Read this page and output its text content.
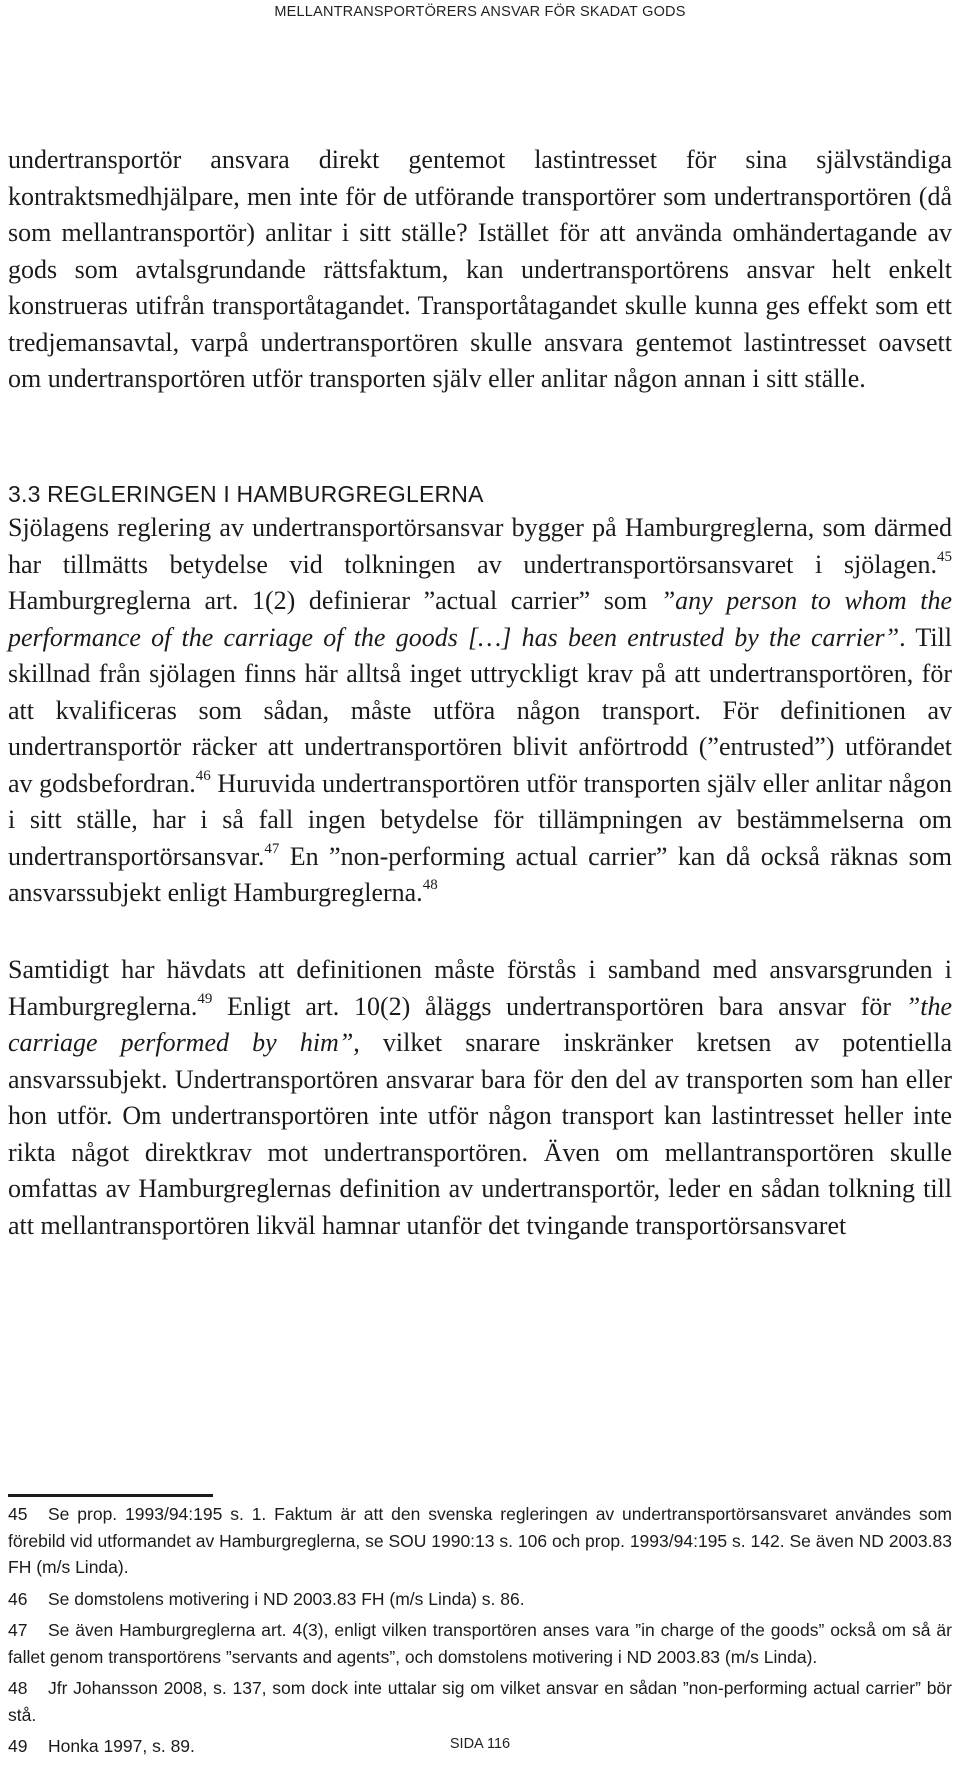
MELLANTRANSPORTÖRERS ANSVAR FÖR SKADAT GODS

undertransportör ansvara direkt gentemot lastintresset för sina självständiga kontraktsmedhjälpare, men inte för de utförande transportörer som undertransportören (då som mellantransportör) anlitar i sitt ställe? Istället för att använda omhändertagande av gods som avtalsgrundande rättsfaktum, kan undertransportörens ansvar helt enkelt konstrueras utifrån transportåtagandet. Transportåtagandet skulle kunna ges effekt som ett tredjemansavtal, varpå undertransportören skulle ansvara gentemot lastintresset oavsett om undertransportören utför transporten själv eller anlitar någon annan i sitt ställe.

3.3 REGLERINGEN I HAMBURGREGLERNA

Sjölagens reglering av undertransportörsansvar bygger på Hamburgreglerna, som därmed har tillmätts betydelse vid tolkningen av undertransportörsansvaret i sjölagen.$^{45}$ Hamburgreglerna art. 1(2) definierar ”actual carrier” som ”any person to whom the performance of the carriage of the goods […] has been entrusted by the carrier”. Till skillnad från sjölagen finns här alltså inget uttryckligt krav på att undertransportören, för att kvalificeras som sådan, måste utföra någon transport. För definitionen av undertransportör räcker att undertransportören blivit anförtrodd (”entrusted”) utförandet av godsbefordran.$^{46}$ Huruvida undertransportören utför transporten själv eller anlitar någon i sitt ställe, har i så fall ingen betydelse för tillämpningen av bestämmelserna om undertransportörsansvar.$^{47}$ En ”non-performing actual carrier” kan då också räknas som ansvarssubjekt enligt Hamburgreglerna.$^{48}$

Samtidigt har hävdats att definitionen måste förstås i samband med ansvarsgrunden i Hamburgreglerna.$^{49}$ Enligt art. 10(2) åläggs undertransportören bara ansvar för ”the carriage performed by him”, vilket snarare inskränker kretsen av potentiella ansvarssubjekt. Undertransportören ansvarar bara för den del av transporten som han eller hon utför. Om undertransportören inte utför någon transport kan lastintresset heller inte rikta något direktkrav mot undertransportören. Även om mellantransportören skulle omfattas av Hamburgreglernas definition av undertransportör, leder en sådan tolkning till att mellantransportören likväl hamnar utanför det tvingande transportörsansvaret

45 Se prop. 1993/94:195 s. 1. Faktum är att den svenska regleringen av undertransportörsansvaret användes som förebild vid utformandet av Hamburgreglerna, se SOU 1990:13 s. 106 och prop. 1993/94:195 s. 142. Se även ND 2003.83 FH (m/s Linda).

46 Se domstolens motivering i ND 2003.83 FH (m/s Linda) s. 86.

47 Se även Hamburgreglerna art. 4(3), enligt vilken transportören anses vara ”in charge of the goods” också om så är fallet genom transportörens ”servants and agents”, och domstolens motivering i ND 2003.83 (m/s Linda).

48 Jfr Johansson 2008, s. 137, som dock inte uttalar sig om vilket ansvar en sådan ”non-performing actual carrier” bör stå.

49 Honka 1997, s. 89.	SIDA 116
